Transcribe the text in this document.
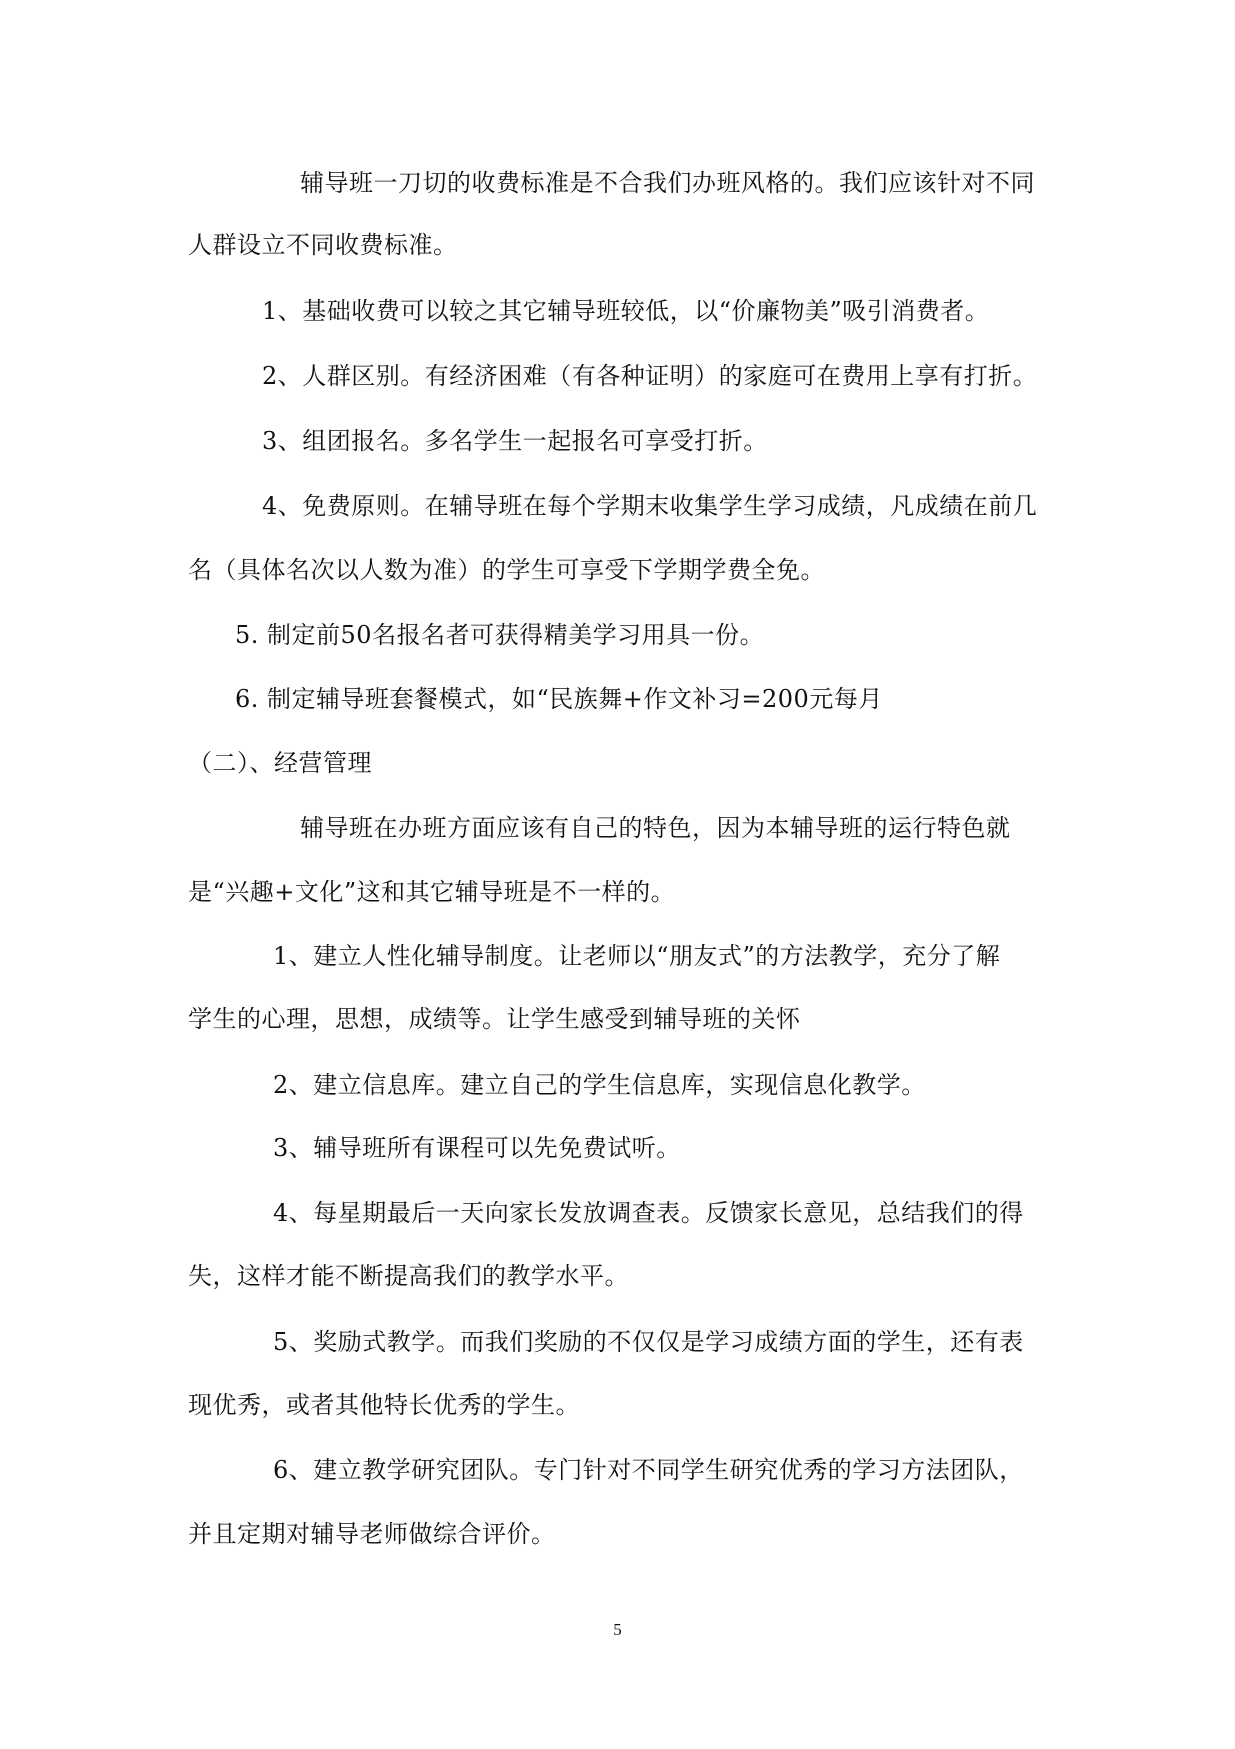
辅导班一刀切的收费标准是不合我们办班风格的。我们应该针对不同
人群设立不同收费标准。
1、基础收费可以较之其它辅导班较低，以“价廉物美”吸引消费者。
2、人群区别。有经济困难（有各种证明）的家庭可在费用上享有打折。
3、组团报名。多名学生一起报名可享受打折。
4、免费原则。在辅导班在每个学期末收集学生学习成绩，凡成绩在前几
名（具体名次以人数为准）的学生可享受下学期学费全免。
5. 制定前50名报名者可获得精美学习用具一份。
6. 制定辅导班套餐模式，如“民族舞+作文补习=200元每月
（二）、经营管理
辅导班在办班方面应该有自己的特色，因为本辅导班的运行特色就
是“兴趣+文化”这和其它辅导班是不一样的。
1、建立人性化辅导制度。让老师以“朋友式”的方法教学，充分了解
学生的心理，思想，成绩等。让学生感受到辅导班的关怀
2、建立信息库。建立自己的学生信息库，实现信息化教学。
3、辅导班所有课程可以先免费试听。
4、每星期最后一天向家长发放调查表。反馈家长意见，总结我们的得
失，这样才能不断提高我们的教学水平。
5、奖励式教学。而我们奖励的不仅仅是学习成绩方面的学生，还有表
现优秀，或者其他特长优秀的学生。
6、建立教学研究团队。专门针对不同学生研究优秀的学习方法团队，
并且定期对辅导老师做综合评价。
5
